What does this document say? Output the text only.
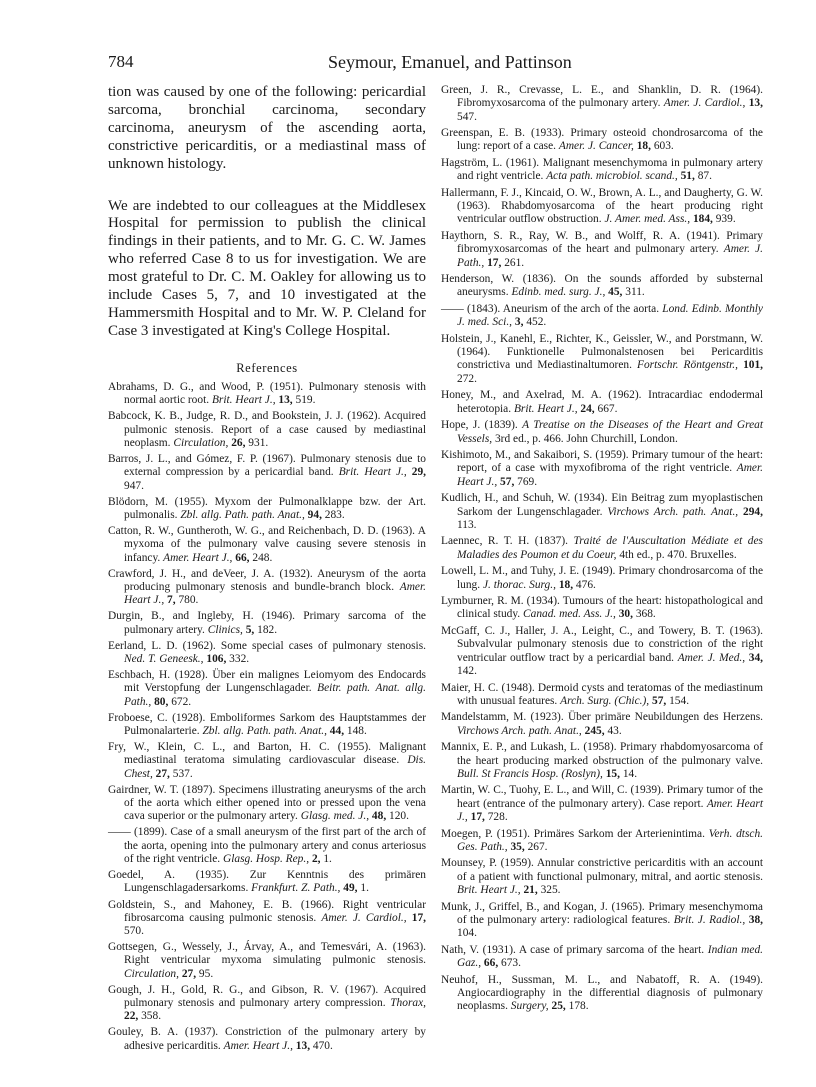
784	Seymour, Emanuel, and Pattinson

tion was caused by one of the following: pericardial sarcoma, bronchial carcinoma, secondary carcinoma, aneurysm of the ascending aorta, constrictive pericarditis, or a mediastinal mass of unknown histology.

We are indebted to our colleagues at the Middlesex Hospital for permission to publish the clinical findings in their patients, and to Mr. G. C. W. James who referred Case 8 to us for investigation. We are most grateful to Dr. C. M. Oakley for allowing us to include Cases 5, 7, and 10 investigated at the Hammersmith Hospital and to Mr. W. P. Cleland for Case 3 investigated at King's College Hospital.

References
Abrahams, D. G., and Wood, P. (1951). Pulmonary stenosis with normal aortic root. Brit. Heart J., 13, 519.
Babcock, K. B., Judge, R. D., and Bookstein, J. J. (1962). Acquired pulmonic stenosis. Report of a case caused by mediastinal neoplasm. Circulation, 26, 931.
Barros, J. L., and Gómez, F. P. (1967). Pulmonary stenosis due to external compression by a pericardial band. Brit. Heart J., 29, 947.
Blödorn, M. (1955). Myxom der Pulmonalklappe bzw. der Art. pulmonalis. Zbl. allg. Path. path. Anat., 94, 283.
Catton, R. W., Guntheroth, W. G., and Reichenbach, D. D. (1963). A myxoma of the pulmonary valve causing severe stenosis in infancy. Amer. Heart J., 66, 248.
Crawford, J. H., and deVeer, J. A. (1932). Aneurysm of the aorta producing pulmonary stenosis and bundle-branch block. Amer. Heart J., 7, 780.
Durgin, B., and Ingleby, H. (1946). Primary sarcoma of the pulmonary artery. Clinics, 5, 182.
Eerland, L. D. (1962). Some special cases of pulmonary stenosis. Ned. T. Geneesk., 106, 332.
Eschbach, H. (1928). Über ein malignes Leiomyom des Endocards mit Verstopfung der Lungenschlagader. Beitr. path. Anat. allg. Path., 80, 672.
Froboese, C. (1928). Emboliformes Sarkom des Hauptstammes der Pulmonalarterie. Zbl. allg. Path. path. Anat., 44, 148.
Fry, W., Klein, C. L., and Barton, H. C. (1955). Malignant mediastinal teratoma simulating cardiovascular disease. Dis. Chest, 27, 537.
Gairdner, W. T. (1897). Specimens illustrating aneurysms of the arch of the aorta which either opened into or pressed upon the vena cava superior or the pulmonary artery. Glasg. med. J., 48, 120.
—— (1899). Case of a small aneurysm of the first part of the arch of the aorta, opening into the pulmonary artery and conus arteriosus of the right ventricle. Glasg. Hosp. Rep., 2, 1.
Goedel, A. (1935). Zur Kenntnis des primären Lungenschlagadersarkoms. Frankfurt. Z. Path., 49, 1.
Goldstein, S., and Mahoney, E. B. (1966). Right ventricular fibrosarcoma causing pulmonic stenosis. Amer. J. Cardiol., 17, 570.
Gottsegen, G., Wessely, J., Árvay, A., and Temesvári, A. (1963). Right ventricular myxoma simulating pulmonic stenosis. Circulation, 27, 95.
Gough, J. H., Gold, R. G., and Gibson, R. V. (1967). Acquired pulmonary stenosis and pulmonary artery compression. Thorax, 22, 358.
Gouley, B. A. (1937). Constriction of the pulmonary artery by adhesive pericarditis. Amer. Heart J., 13, 470.
Green, J. R., Crevasse, L. E., and Shanklin, D. R. (1964). Fibromyxosarcoma of the pulmonary artery. Amer. J. Cardiol., 13, 547.
Greenspan, E. B. (1933). Primary osteoid chondrosarcoma of the lung: report of a case. Amer. J. Cancer, 18, 603.
Hagström, L. (1961). Malignant mesenchymoma in pulmonary artery and right ventricle. Acta path. microbiol. scand., 51, 87.
Hallermann, F. J., Kincaid, O. W., Brown, A. L., and Daugherty, G. W. (1963). Rhabdomyosarcoma of the heart producing right ventricular outflow obstruction. J. Amer. med. Ass., 184, 939.
Haythorn, S. R., Ray, W. B., and Wolff, R. A. (1941). Primary fibromyxosarcomas of the heart and pulmonary artery. Amer. J. Path., 17, 261.
Henderson, W. (1836). On the sounds afforded by substernal aneurysms. Edinb. med. surg. J., 45, 311.
—— (1843). Aneurism of the arch of the aorta. Lond. Edinb. Monthly J. med. Sci., 3, 452.
Holstein, J., Kanehl, E., Richter, K., Geissler, W., and Porstmann, W. (1964). Funktionelle Pulmonalstenosen bei Pericarditis constrictiva und Mediastinaltumoren. Fortschr. Röntgenstr., 101, 272.
Honey, M., and Axelrad, M. A. (1962). Intracardiac endodermal heterotopia. Brit. Heart J., 24, 667.
Hope, J. (1839). A Treatise on the Diseases of the Heart and Great Vessels, 3rd ed., p. 466. John Churchill, London.
Kishimoto, M., and Sakaibori, S. (1959). Primary tumour of the heart: report, of a case with myxofibroma of the right ventricle. Amer. Heart J., 57, 769.
Kudlich, H., and Schuh, W. (1934). Ein Beitrag zum myoplastischen Sarkom der Lungenschlagader. Virchows Arch. path. Anat., 294, 113.
Laennec, R. T. H. (1837). Traité de l'Auscultation Médiate et des Maladies des Poumon et du Coeur, 4th ed., p. 470. Bruxelles.
Lowell, L. M., and Tuhy, J. E. (1949). Primary chondrosarcoma of the lung. J. thorac. Surg., 18, 476.
Lymburner, R. M. (1934). Tumours of the heart: histopathological and clinical study. Canad. med. Ass. J., 30, 368.
McGaff, C. J., Haller, J. A., Leight, C., and Towery, B. T. (1963). Subvalvular pulmonary stenosis due to constriction of the right ventricular outflow tract by a pericardial band. Amer. J. Med., 34, 142.
Maier, H. C. (1948). Dermoid cysts and teratomas of the mediastinum with unusual features. Arch. Surg. (Chic.), 57, 154.
Mandelstamm, M. (1923). Über primäre Neubildungen des Herzens. Virchows Arch. path. Anat., 245, 43.
Mannix, E. P., and Lukash, L. (1958). Primary rhabdomyosarcoma of the heart producing marked obstruction of the pulmonary valve. Bull. St Francis Hosp. (Roslyn), 15, 14.
Martin, W. C., Tuohy, E. L., and Will, C. (1939). Primary tumor of the heart (entrance of the pulmonary artery). Case report. Amer. Heart J., 17, 728.
Moegen, P. (1951). Primäres Sarkom der Arterienintima. Verh. dtsch. Ges. Path., 35, 267.
Mounsey, P. (1959). Annular constrictive pericarditis with an account of a patient with functional pulmonary, mitral, and aortic stenosis. Brit. Heart J., 21, 325.
Munk, J., Griffel, B., and Kogan, J. (1965). Primary mesenchymoma of the pulmonary artery: radiological features. Brit. J. Radiol., 38, 104.
Nath, V. (1931). A case of primary sarcoma of the heart. Indian med. Gaz., 66, 673.
Neuhof, H., Sussman, M. L., and Nabatoff, R. A. (1949). Angiocardiography in the differential diagnosis of pulmonary neoplasms. Surgery, 25, 178.
